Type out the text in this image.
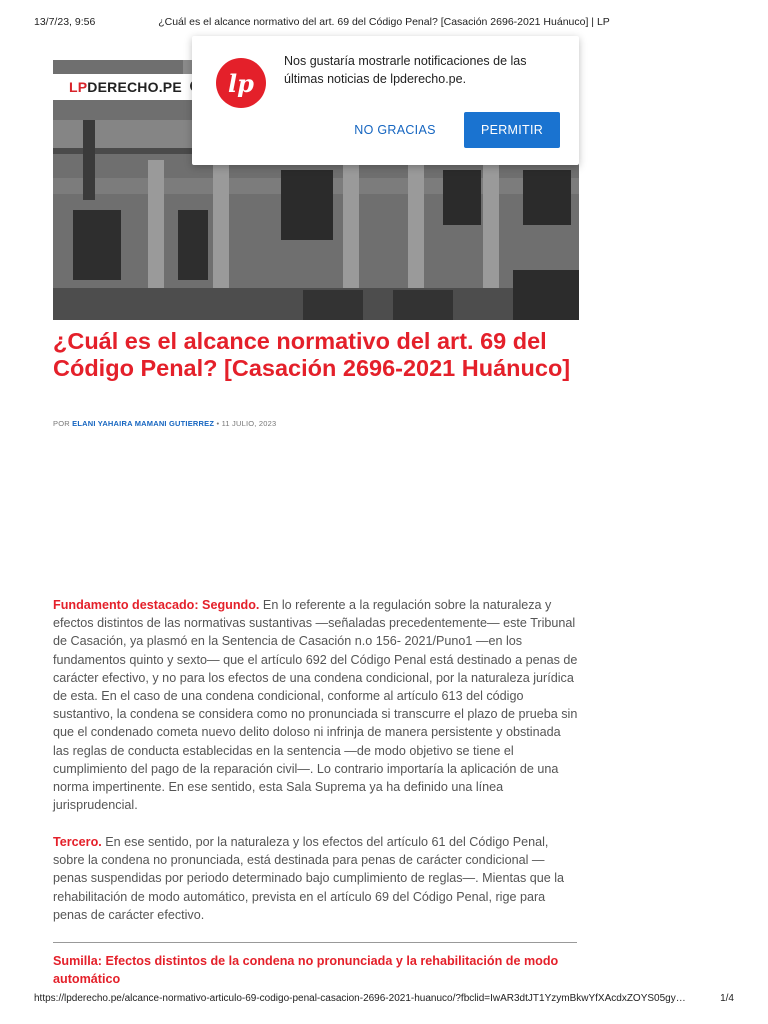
13/7/23, 9:56	¿Cuál es el alcance normativo del art. 69 del Código Penal? [Casación 2696-2021 Huánuco] | LP
LPDERECHO.PE	lp
Nos gustaría mostrarle notificaciones de las últimas noticias de lpderecho.pe.
NO GRACIAS	PERMITIR
¿Cuál es el alcance normativo del art. 69 del Código Penal? [Casación 2696-2021 Huánuco]
POR ELANI YAHAIRA MAMANI GUTIERREZ • 11 JULIO, 2023
Fundamento destacado: Segundo. En lo referente a la regulación sobre la naturaleza y efectos distintos de las normativas sustantivas —señaladas precedentemente— este Tribunal de Casación, ya plasmó en la Sentencia de Casación n.o 156- 2021/Puno1 —en los fundamentos quinto y sexto— que el artículo 692 del Código Penal está destinado a penas de carácter efectivo, y no para los efectos de una condena condicional, por la naturaleza jurídica de esta. En el caso de una condena condicional, conforme al artículo 613 del código sustantivo, la condena se considera como no pronunciada si transcurre el plazo de prueba sin que el condenado cometa nuevo delito doloso ni infrinja de manera persistente y obstinada las reglas de conducta establecidas en la sentencia —de modo objetivo se tiene el cumplimiento del pago de la reparación civil—. Lo contrario importaría la aplicación de una norma impertinente. En ese sentido, esta Sala Suprema ya ha definido una línea jurisprudencial.
Tercero. En ese sentido, por la naturaleza y los efectos del artículo 61 del Código Penal, sobre la condena no pronunciada, está destinada para penas de carácter condicional — penas suspendidas por periodo determinado bajo cumplimiento de reglas—. Mientas que la rehabilitación de modo automático, prevista en el artículo 69 del Código Penal, rige para penas de carácter efectivo.
Sumilla: Efectos distintos de la condena no pronunciada y la rehabilitación de modo automático
https://lpderecho.pe/alcance-normativo-articulo-69-codigo-penal-casacion-2696-2021-huanuco/?fbclid=IwAR3dtJT1YzymBkwYfXAcdxZOYS05gy…	1/4
